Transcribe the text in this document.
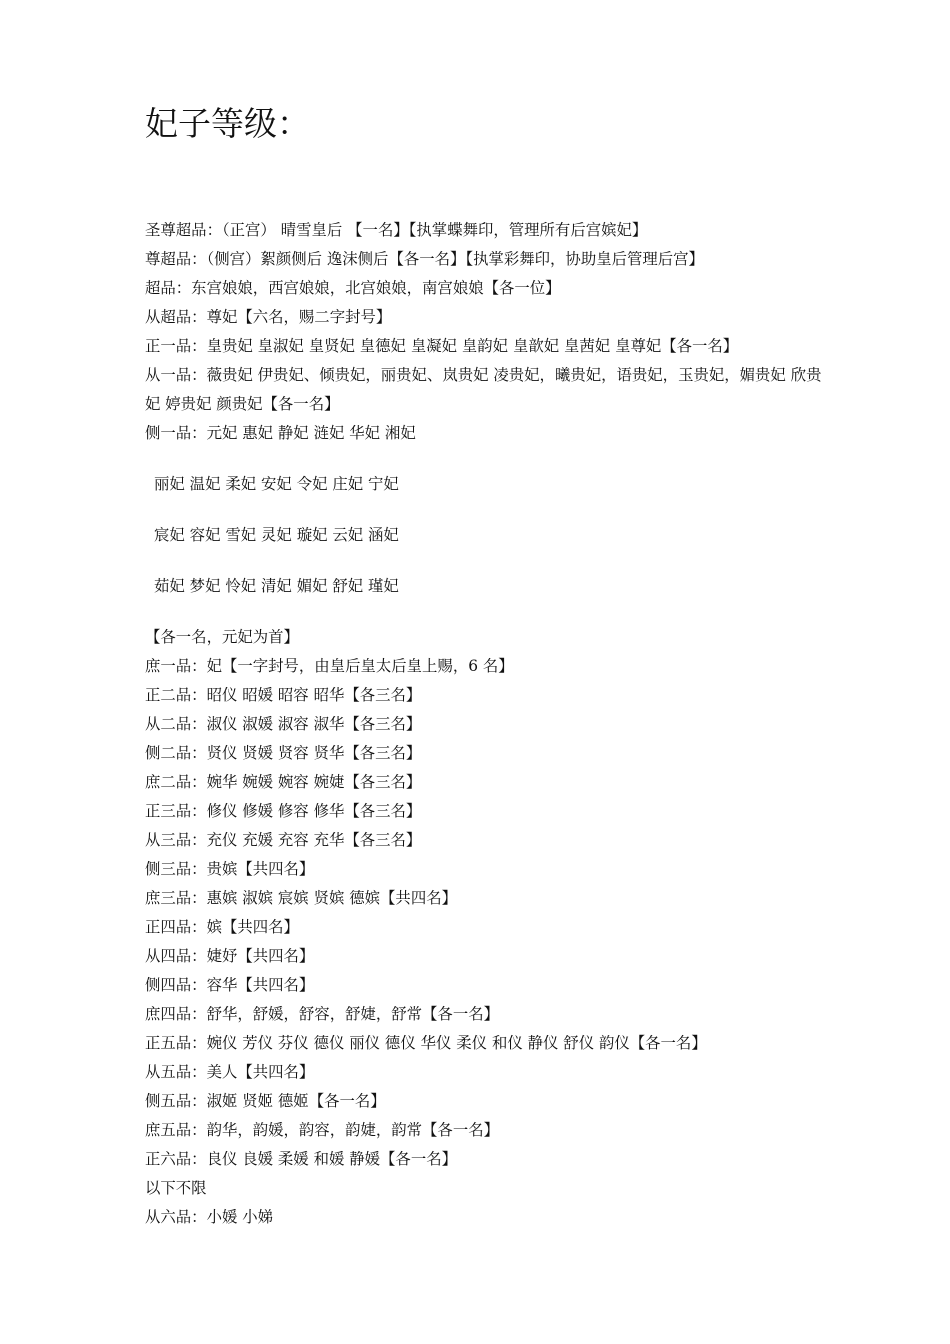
妃子等级：
圣尊超品：（正宫） 晴雪皇后 【一名】【执掌蝶舞印，管理所有后宫嫔妃】
尊超品：（侧宫）絮颜侧后 逸沫侧后【各一名】【执掌彩舞印，协助皇后管理后宫】
超品：东宫娘娘，西宫娘娘，北宫娘娘，南宫娘娘【各一位】
从超品：尊妃【六名，赐二字封号】
正一品：皇贵妃 皇淑妃 皇贤妃 皇德妃 皇凝妃 皇韵妃 皇歆妃 皇茜妃 皇尊妃【各一名】
从一品：薇贵妃 伊贵妃、倾贵妃，丽贵妃、岚贵妃 凌贵妃，曦贵妃，语贵妃，玉贵妃，媚贵妃 欣贵妃 婷贵妃 颜贵妃【各一名】
侧一品：元妃 惠妃 静妃 涟妃 华妃 湘妃
丽妃 温妃 柔妃 安妃 令妃 庄妃 宁妃
宸妃 容妃 雪妃 灵妃 璇妃 云妃 涵妃
茹妃 梦妃 怜妃 清妃 媚妃 舒妃 瑾妃
【各一名，元妃为首】
庶一品：妃【一字封号，由皇后皇太后皇上赐，6 名】
正二品：昭仪 昭媛 昭容 昭华【各三名】
从二品：淑仪 淑媛 淑容 淑华【各三名】
侧二品：贤仪 贤媛 贤容 贤华【各三名】
庶二品：婉华 婉媛 婉容 婉婕【各三名】
正三品：修仪 修媛 修容 修华【各三名】
从三品：充仪 充媛 充容 充华【各三名】
侧三品：贵嫔【共四名】
庶三品：惠嫔 淑嫔 宸嫔 贤嫔 德嫔【共四名】
正四品：嫔【共四名】
从四品：婕妤【共四名】
侧四品：容华【共四名】
庶四品：舒华，舒媛，舒容，舒婕，舒常【各一名】
正五品：婉仪 芳仪 芬仪 德仪 丽仪 德仪 华仪 柔仪 和仪 静仪 舒仪 韵仪【各一名】
从五品：美人【共四名】
侧五品：淑姬 贤姬 德姬【各一名】
庶五品：韵华，韵媛，韵容，韵婕，韵常【各一名】
正六品：良仪 良媛 柔媛 和媛 静媛【各一名】
以下不限
从六品：小媛 小娣
